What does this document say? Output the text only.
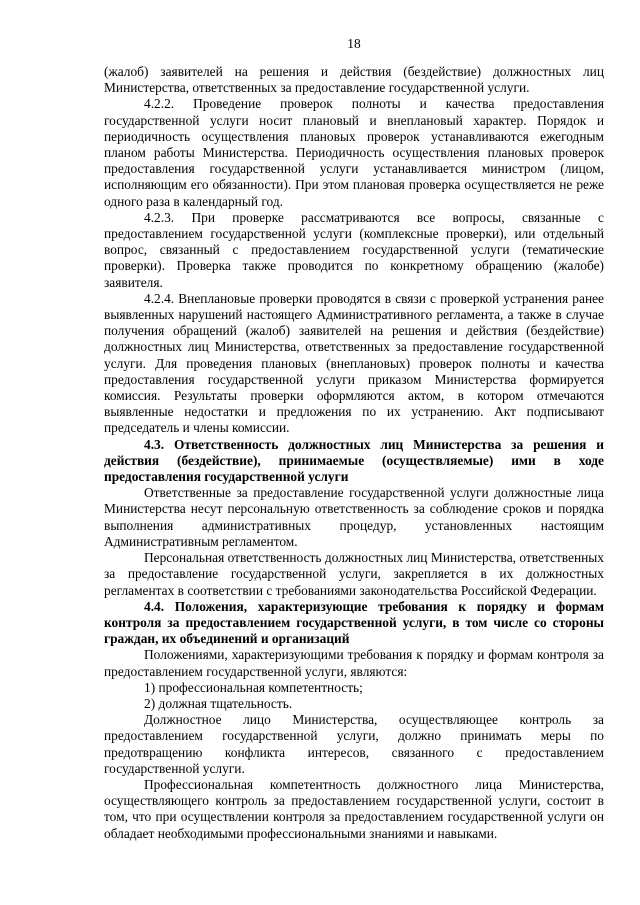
18

(жалоб) заявителей на решения и действия (бездействие) должностных лиц Министерства, ответственных за предоставление государственной услуги.

4.2.2. Проведение проверок полноты и качества предоставления государственной услуги носит плановый и внеплановый характер. Порядок и периодичность осуществления плановых проверок устанавливаются ежегодным планом работы Министерства. Периодичность осуществления плановых проверок предоставления государственной услуги устанавливается министром (лицом, исполняющим его обязанности). При этом плановая проверка осуществляется не реже одного раза в календарный год.

4.2.3. При проверке рассматриваются все вопросы, связанные с предоставлением государственной услуги (комплексные проверки), или отдельный вопрос, связанный с предоставлением государственной услуги (тематические проверки). Проверка также проводится по конкретному обращению (жалобе) заявителя.

4.2.4. Внеплановые проверки проводятся в связи с проверкой устранения ранее выявленных нарушений настоящего Административного регламента, а также в случае получения обращений (жалоб) заявителей на решения и действия (бездействие) должностных лиц Министерства, ответственных за предоставление государственной услуги. Для проведения плановых (внеплановых) проверок полноты и качества предоставления государственной услуги приказом Министерства формируется комиссия. Результаты проверки оформляются актом, в котором отмечаются выявленные недостатки и предложения по их устранению. Акт подписывают председатель и члены комиссии.

4.3. Ответственность должностных лиц Министерства за решения и действия (бездействие), принимаемые (осуществляемые) ими в ходе предоставления государственной услуги

Ответственные за предоставление государственной услуги должностные лица Министерства несут персональную ответственность за соблюдение сроков и порядка выполнения административных процедур, установленных настоящим Административным регламентом.

Персональная ответственность должностных лиц Министерства, ответственных за предоставление государственной услуги, закрепляется в их должностных регламентах в соответствии с требованиями законодательства Российской Федерации.

4.4. Положения, характеризующие требования к порядку и формам контроля за предоставлением государственной услуги, в том числе со стороны граждан, их объединений и организаций

Положениями, характеризующими требования к порядку и формам контроля за предоставлением государственной услуги, являются:

1) профессиональная компетентность;

2) должная тщательность.

Должностное лицо Министерства, осуществляющее контроль за предоставлением государственной услуги, должно принимать меры по предотвращению конфликта интересов, связанного с предоставлением государственной услуги.

Профессиональная компетентность должностного лица Министерства, осуществляющего контроль за предоставлением государственной услуги, состоит в том, что при осуществлении контроля за предоставлением государственной услуги он обладает необходимыми профессиональными знаниями и навыками.
